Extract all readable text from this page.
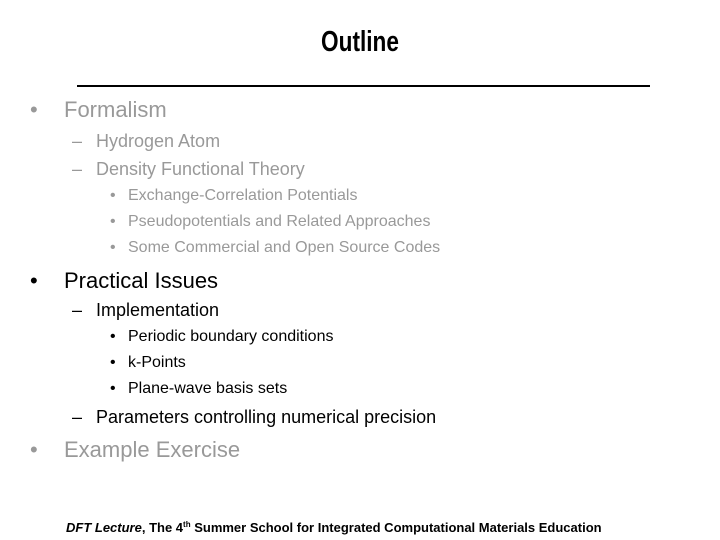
Outline
• Formalism
– Hydrogen Atom
– Density Functional Theory
• Exchange-Correlation Potentials
• Pseudopotentials and Related Approaches
• Some Commercial and Open Source Codes
• Practical Issues
– Implementation
• Periodic boundary conditions
• k-Points
• Plane-wave basis sets
– Parameters controlling numerical precision
• Example Exercise
DFT Lecture, The 4th Summer School for Integrated Computational Materials Education
